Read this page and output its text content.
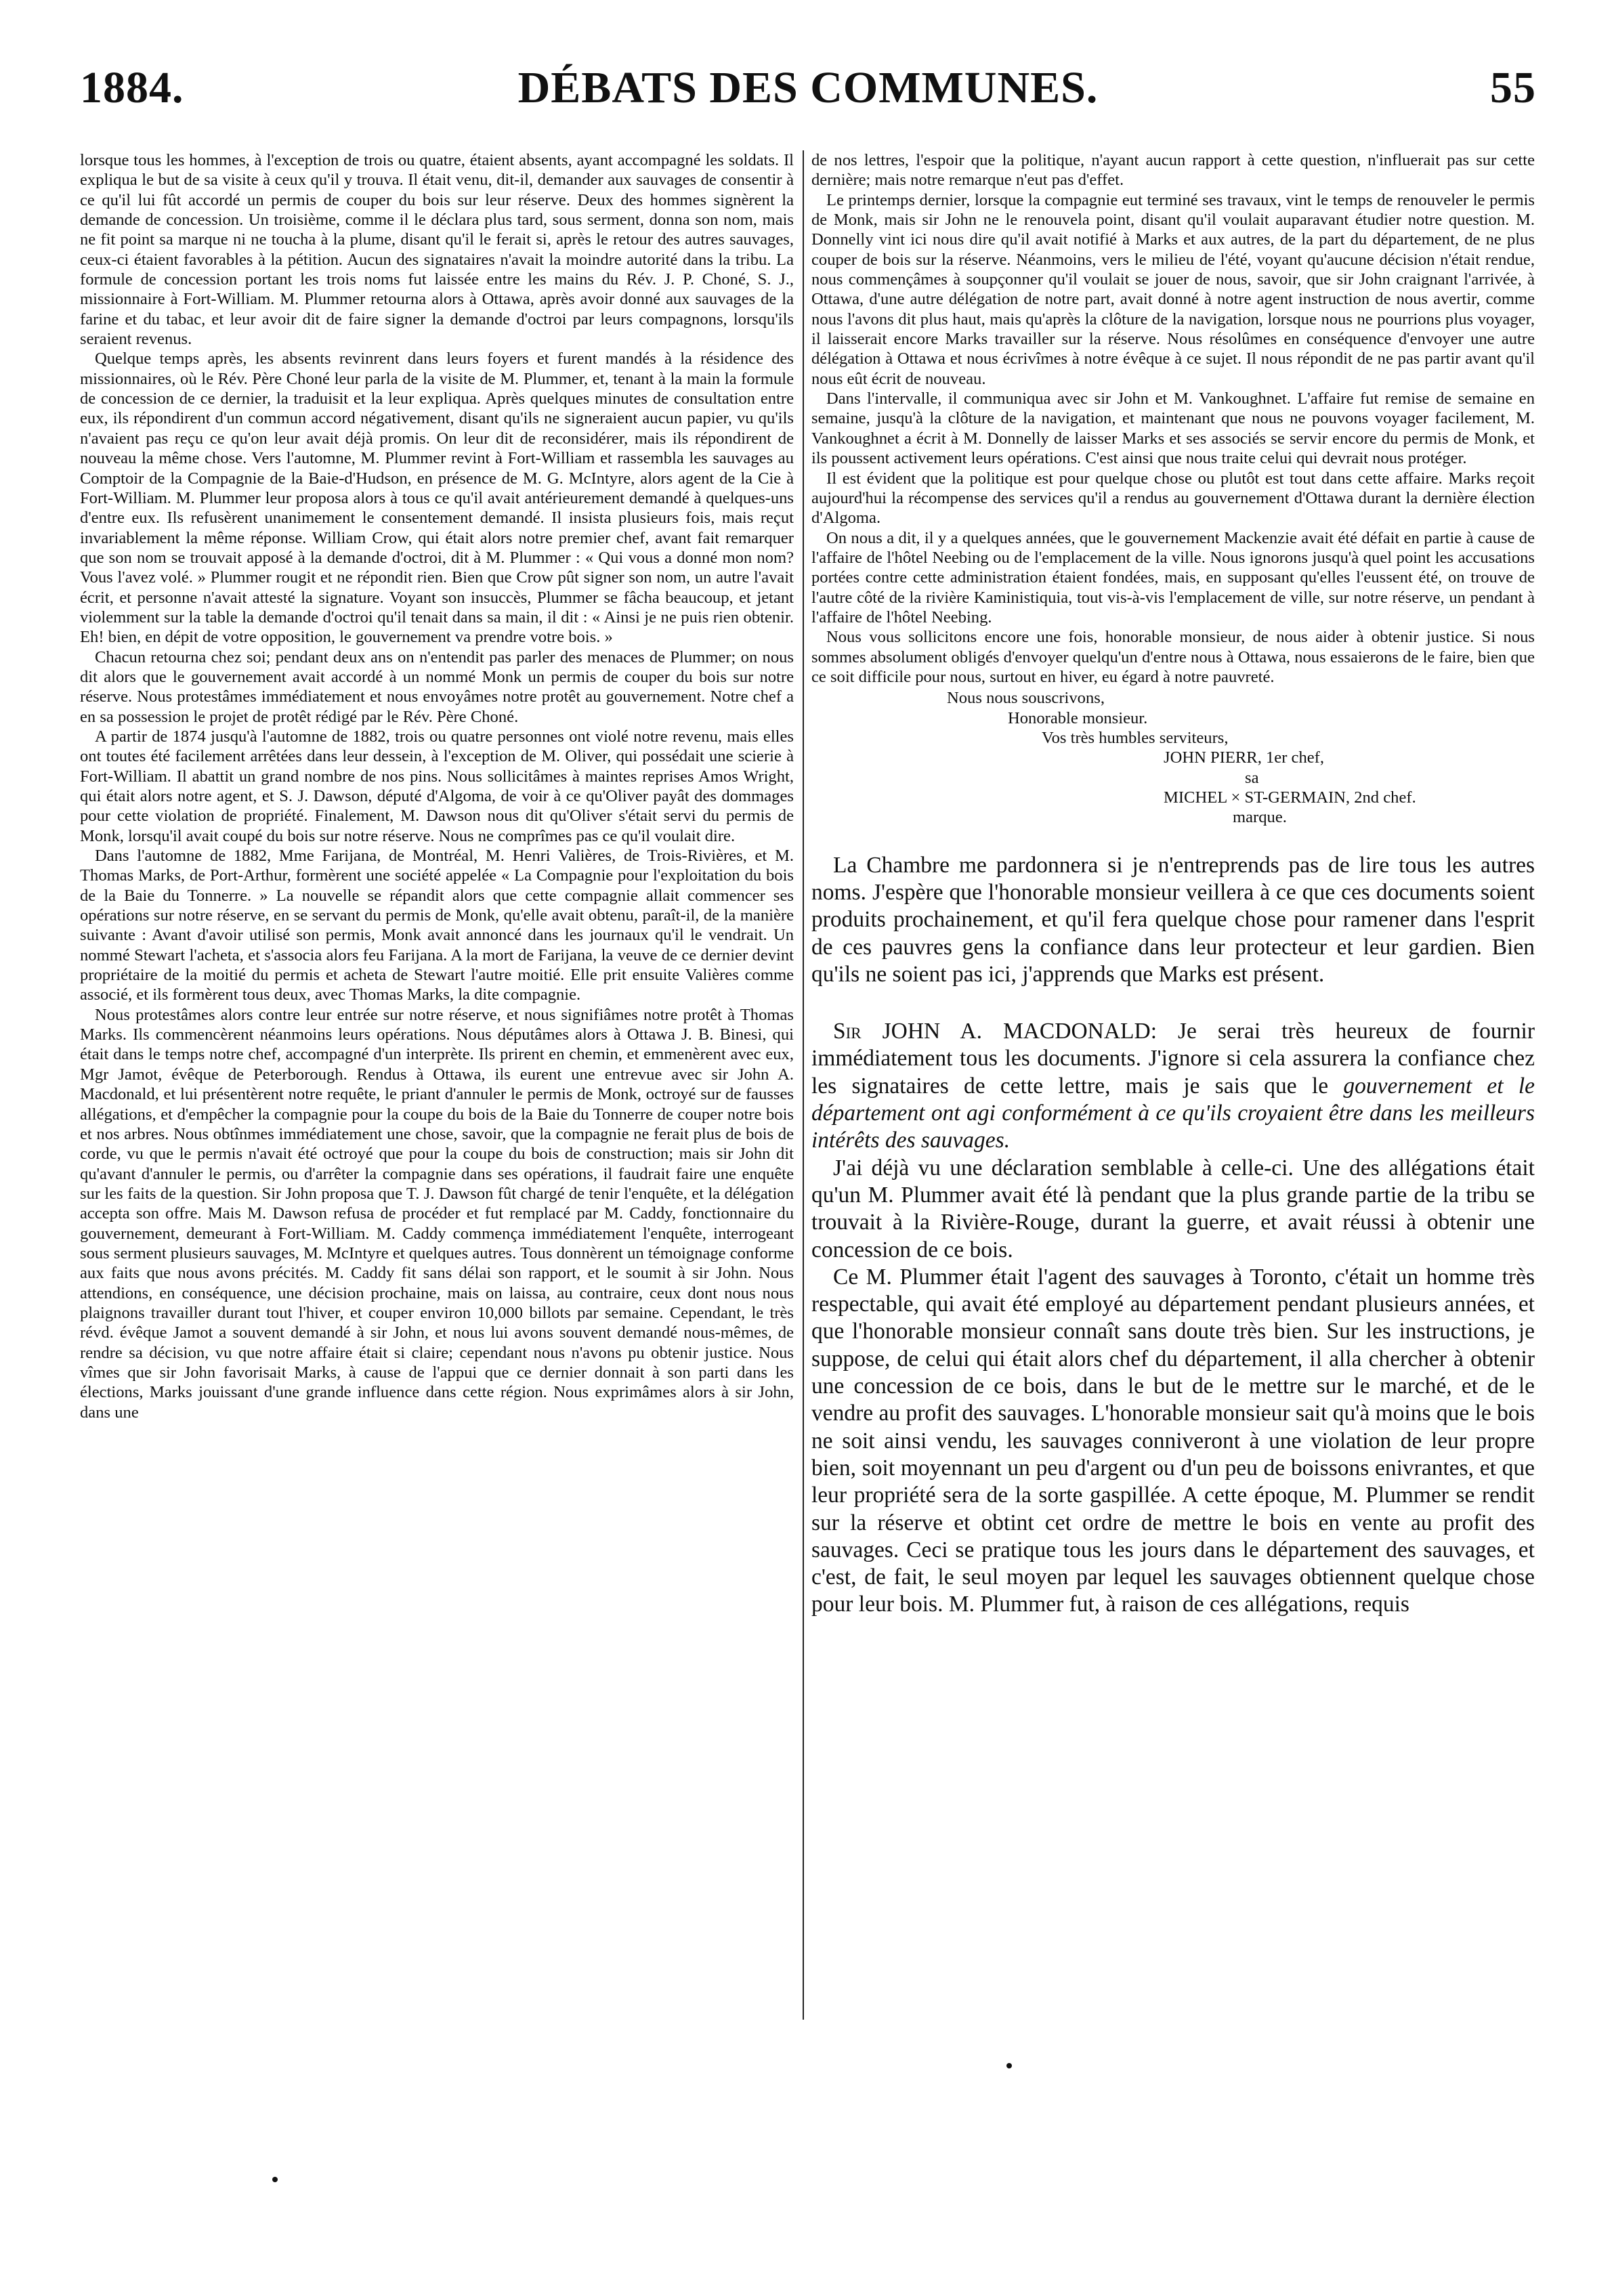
1884.	DÉBATS DES COMMUNES.	55

lorsque tous les hommes, à l'exception de trois ou quatre, étaient absents, ayant accompagné les soldats. Il expliqua le but de sa visite à ceux qu'il y trouva. Il était venu, dit-il, demander aux sauvages de consentir à ce qu'il lui fût accordé un permis de couper du bois sur leur réserve. Deux des hommes signèrent la demande de concession. Un troisième, comme il le déclara plus tard, sous serment, donna son nom, mais ne fit point sa marque ni ne toucha à la plume, disant qu'il le ferait si, après le retour des autres sauvages, ceux-ci étaient favorables à la pétition. Aucun des signataires n'avait la moindre autorité dans la tribu. La formule de concession portant les trois noms fut laissée entre les mains du Rév. J. P. Choné, S. J., missionnaire à Fort-William. M. Plummer retourna alors à Ottawa, après avoir donné aux sauvages de la farine et du tabac, et leur avoir dit de faire signer la demande d'octroi par leurs compagnons, lorsqu'ils seraient revenus.

Quelque temps après, les absents revinrent dans leurs foyers et furent mandés à la résidence des missionnaires, où le Rév. Père Choné leur parla de la visite de M. Plummer, et, tenant à la main la formule de concession de ce dernier, la traduisit et la leur expliqua. Après quelques minutes de consultation entre eux, ils répondirent d'un commun accord négativement, disant qu'ils ne signeraient aucun papier, vu qu'ils n'avaient pas reçu ce qu'on leur avait déjà promis. On leur dit de reconsidérer, mais ils répondirent de nouveau la même chose. Vers l'automne, M. Plummer revint à Fort-William et rassembla les sauvages au Comptoir de la Compagnie de la Baie-d'Hudson, en présence de M. G. McIntyre, alors agent de la Cie à Fort-William. M. Plummer leur proposa alors à tous ce qu'il avait antérieurement demandé à quelques-uns d'entre eux. Ils refusèrent unanimement le consentement demandé. Il insista plusieurs fois, mais reçut invariablement la même réponse. William Crow, qui était alors notre premier chef, avant fait remarquer que son nom se trouvait apposé à la demande d'octroi, dit à M. Plummer : « Qui vous a donné mon nom? Vous l'avez volé. » Plummer rougit et ne répondit rien. Bien que Crow pût signer son nom, un autre l'avait écrit, et personne n'avait attesté la signature. Voyant son insuccès, Plummer se fâcha beaucoup, et jetant violemment sur la table la demande d'octroi qu'il tenait dans sa main, il dit : « Ainsi je ne puis rien obtenir. Eh! bien, en dépit de votre opposition, le gouvernement va prendre votre bois. »

Chacun retourna chez soi; pendant deux ans on n'entendit pas parler des menaces de Plummer; on nous dit alors que le gouvernement avait accordé à un nommé Monk un permis de couper du bois sur notre réserve. Nous protestâmes immédiatement et nous envoyâmes notre protêt au gouvernement. Notre chef a en sa possession le projet de protêt rédigé par le Rév. Père Choné.

A partir de 1874 jusqu'à l'automne de 1882, trois ou quatre personnes ont violé notre revenu, mais elles ont toutes été facilement arrêtées dans leur dessein, à l'exception de M. Oliver, qui possédait une scierie à Fort-William. Il abattit un grand nombre de nos pins. Nous sollicitâmes à maintes reprises Amos Wright, qui était alors notre agent, et S. J. Dawson, député d'Algoma, de voir à ce qu'Oliver payât des dommages pour cette violation de propriété. Finalement, M. Dawson nous dit qu'Oliver s'était servi du permis de Monk, lorsqu'il avait coupé du bois sur notre réserve. Nous ne comprîmes pas ce qu'il voulait dire.

Dans l'automne de 1882, Mme Farijana, de Montréal, M. Henri Valières, de Trois-Rivières, et M. Thomas Marks, de Port-Arthur, formèrent une société appelée « La Compagnie pour l'exploitation du bois de la Baie du Tonnerre. » La nouvelle se répandit alors que cette compagnie allait commencer ses opérations sur notre réserve, en se servant du permis de Monk, qu'elle avait obtenu, paraît-il, de la manière suivante : Avant d'avoir utilisé son permis, Monk avait annoncé dans les journaux qu'il le vendrait. Un nommé Stewart l'acheta, et s'associa alors feu Farijana. A la mort de Farijana, la veuve de ce dernier devint propriétaire de la moitié du permis et acheta de Stewart l'autre moitié. Elle prit ensuite Valières comme associé, et ils formèrent tous deux, avec Thomas Marks, la dite compagnie.

Nous protestâmes alors contre leur entrée sur notre réserve, et nous signifiâmes notre protêt à Thomas Marks. Ils commencèrent néanmoins leurs opérations. Nous députâmes alors à Ottawa J. B. Binesi, qui était dans le temps notre chef, accompagné d'un interprète. Ils prirent en chemin, et emmenèrent avec eux, Mgr Jamot, évêque de Peterborough. Rendus à Ottawa, ils eurent une entrevue avec sir John A. Macdonald, et lui présentèrent notre requête, le priant d'annuler le permis de Monk, octroyé sur de fausses allégations, et d'empêcher la compagnie pour la coupe du bois de la Baie du Tonnerre de couper notre bois et nos arbres. Nous obtînmes immédiatement une chose, savoir, que la compagnie ne ferait plus de bois de corde, vu que le permis n'avait été octroyé que pour la coupe du bois de construction; mais sir John dit qu'avant d'annuler le permis, ou d'arrêter la compagnie dans ses opérations, il faudrait faire une enquête sur les faits de la question. Sir John proposa que T. J. Dawson fût chargé de tenir l'enquête, et la délégation accepta son offre. Mais M. Dawson refusa de procéder et fut remplacé par M. Caddy, fonctionnaire du gouvernement, demeurant à Fort-William. M. Caddy commença immédiatement l'enquête, interrogeant sous serment plusieurs sauvages, M. McIntyre et quelques autres. Tous donnèrent un témoignage conforme aux faits que nous avons précités. M. Caddy fit sans délai son rapport, et le soumit à sir John. Nous attendions, en conséquence, une décision prochaine, mais on laissa, au contraire, ceux dont nous nous plaignons travailler durant tout l'hiver, et couper environ 10,000 billots par semaine. Cependant, le très révd. évêque Jamot a souvent demandé à sir John, et nous lui avons souvent demandé nous-mêmes, de rendre sa décision, vu que notre affaire était si claire; cependant nous n'avons pu obtenir justice. Nous vîmes que sir John favorisait Marks, à cause de l'appui que ce dernier donnait à son parti dans les élections, Marks jouissant d'une grande influence dans cette région. Nous exprimâmes alors à sir John, dans une

de nos lettres, l'espoir que la politique, n'ayant aucun rapport à cette question, n'influerait pas sur cette dernière; mais notre remarque n'eut pas d'effet.

Le printemps dernier, lorsque la compagnie eut terminé ses travaux, vint le temps de renouveler le permis de Monk, mais sir John ne le renouvela point, disant qu'il voulait auparavant étudier notre question. M. Donnelly vint ici nous dire qu'il avait notifié à Marks et aux autres, de la part du département, de ne plus couper de bois sur la réserve. Néanmoins, vers le milieu de l'été, voyant qu'aucune décision n'était rendue, nous commençâmes à soupçonner qu'il voulait se jouer de nous, savoir, que sir John craignant l'arrivée, à Ottawa, d'une autre délégation de notre part, avait donné à notre agent instruction de nous avertir, comme nous l'avons dit plus haut, mais qu'après la clôture de la navigation, lorsque nous ne pourrions plus voyager, il laisserait encore Marks travailler sur la réserve. Nous résolûmes en conséquence d'envoyer une autre délégation à Ottawa et nous écrivîmes à notre évêque à ce sujet. Il nous répondit de ne pas partir avant qu'il nous eût écrit de nouveau.

Dans l'intervalle, il communiqua avec sir John et M. Vankoughnet. L'affaire fut remise de semaine en semaine, jusqu'à la clôture de la navigation, et maintenant que nous ne pouvons voyager facilement, M. Vankoughnet a écrit à M. Donnelly de laisser Marks et ses associés se servir encore du permis de Monk, et ils poussent activement leurs opérations. C'est ainsi que nous traite celui qui devrait nous protéger.

Il est évident que la politique est pour quelque chose ou plutôt est tout dans cette affaire. Marks reçoit aujourd'hui la récompense des services qu'il a rendus au gouvernement d'Ottawa durant la dernière élection d'Algoma.

On nous a dit, il y a quelques années, que le gouvernement Mackenzie avait été défait en partie à cause de l'affaire de l'hôtel Neebing ou de l'emplacement de la ville. Nous ignorons jusqu'à quel point les accusations portées contre cette administration étaient fondées, mais, en supposant qu'elles l'eussent été, on trouve de l'autre côté de la rivière Kaministiquia, tout vis-à-vis l'emplacement de ville, sur notre réserve, un pendant à l'affaire de l'hôtel Neebing.

Nous vous sollicitons encore une fois, honorable monsieur, de nous aider à obtenir justice. Si nous sommes absolument obligés d'envoyer quelqu'un d'entre nous à Ottawa, nous essaierons de le faire, bien que ce soit difficile pour nous, surtout en hiver, eu égard à notre pauvreté.

Nous nous souscrivons,

Honorable monsieur.

Vos très humbles serviteurs,

JOHN PIERR, 1er chef,

sa

MICHEL × ST-GERMAIN, 2nd chef.

marque.

La Chambre me pardonnera si je n'entreprends pas de lire tous les autres noms. J'espère que l'honorable monsieur veillera à ce que ces documents soient produits prochainement, et qu'il fera quelque chose pour ramener dans l'esprit de ces pauvres gens la confiance dans leur protecteur et leur gardien. Bien qu'ils ne soient pas ici, j'apprends que Marks est présent.

Sir JOHN A. MACDONALD: Je serai très heureux de fournir immédiatement tous les documents. J'ignore si cela assurera la confiance chez les signataires de cette lettre, mais je sais que le gouvernement et le département ont agi conformément à ce qu'ils croyaient être dans les meilleurs intérêts des sauvages.

J'ai déjà vu une déclaration semblable à celle-ci. Une des allégations était qu'un M. Plummer avait été là pendant que la plus grande partie de la tribu se trouvait à la Rivière-Rouge, durant la guerre, et avait réussi à obtenir une concession de ce bois.

Ce M. Plummer était l'agent des sauvages à Toronto, c'était un homme très respectable, qui avait été employé au département pendant plusieurs années, et que l'honorable monsieur connaît sans doute très bien. Sur les instructions, je suppose, de celui qui était alors chef du département, il alla chercher à obtenir une concession de ce bois, dans le but de le mettre sur le marché, et de le vendre au profit des sauvages. L'honorable monsieur sait qu'à moins que le bois ne soit ainsi vendu, les sauvages conniveront à une violation de leur propre bien, soit moyennant un peu d'argent ou d'un peu de boissons enivrantes, et que leur propriété sera de la sorte gaspillée. A cette époque, M. Plummer se rendit sur la réserve et obtint cet ordre de mettre le bois en vente au profit des sauvages. Ceci se pratique tous les jours dans le département des sauvages, et c'est, de fait, le seul moyen par lequel les sauvages obtiennent quelque chose pour leur bois. M. Plummer fut, à raison de ces allégations, requis
